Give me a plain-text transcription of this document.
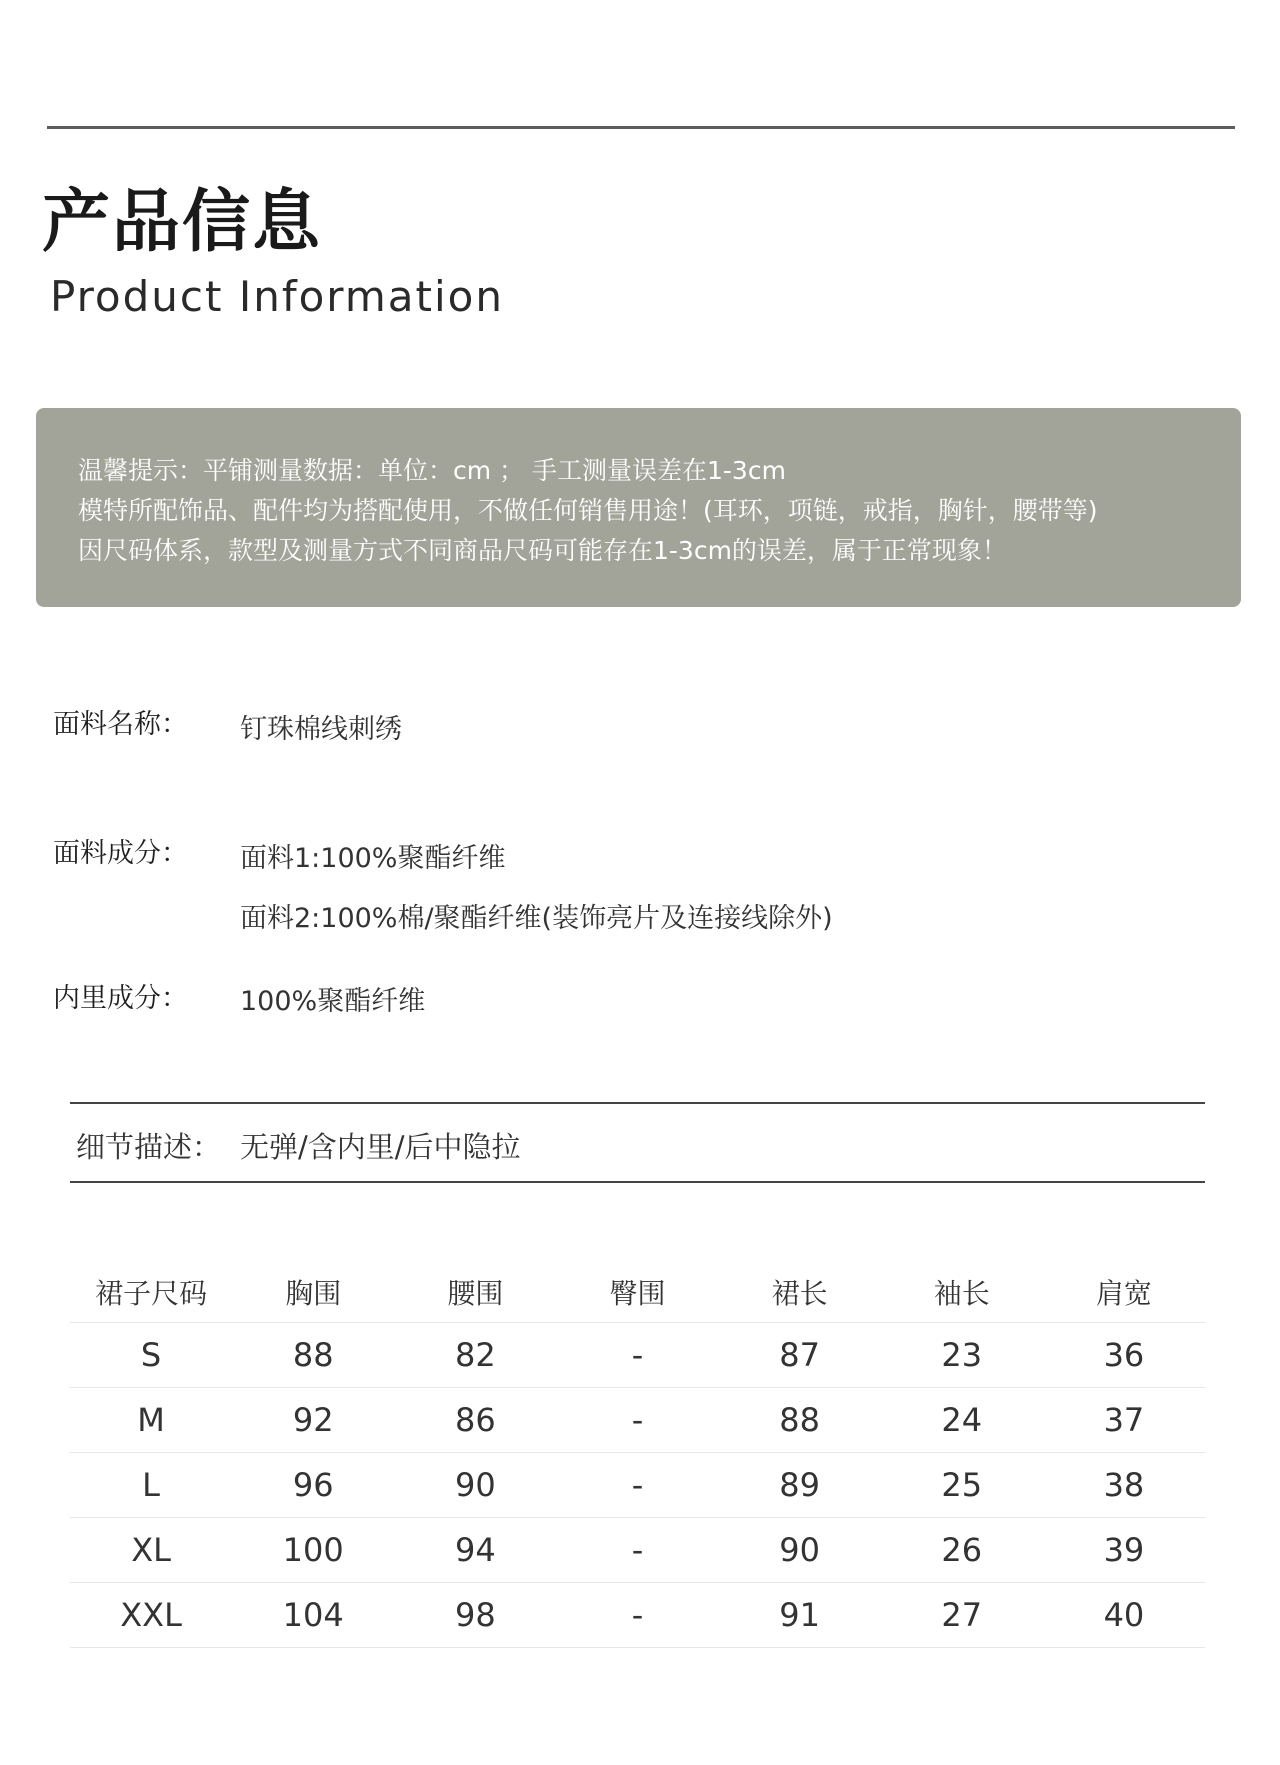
产品信息
Product Information
温馨提示：平铺测量数据：单位：cm ； 手工测量误差在1-3cm
模特所配饰品、配件均为搭配使用，不做任何销售用途！(耳环，项链，戒指，胸针，腰带等)
因尺码体系，款型及测量方式不同商品尺码可能存在1-3cm的误差，属于正常现象！
面料名称： 钉珠棉线刺绣
面料成分： 面料1:100%聚酯纤维
面料2:100%棉/聚酯纤维(装饰亮片及连接线除外)
内里成分： 100%聚酯纤维
细节描述： 无弹/含内里/后中隐拉
裙子尺码	胸围	腰围	臀围	裙长	袖长	肩宽
S	88	82	-	87	23	36
M	92	86	-	88	24	37
L	96	90	-	89	25	38
XL	100	94	-	90	26	39
XXL	104	98	-	91	27	40
